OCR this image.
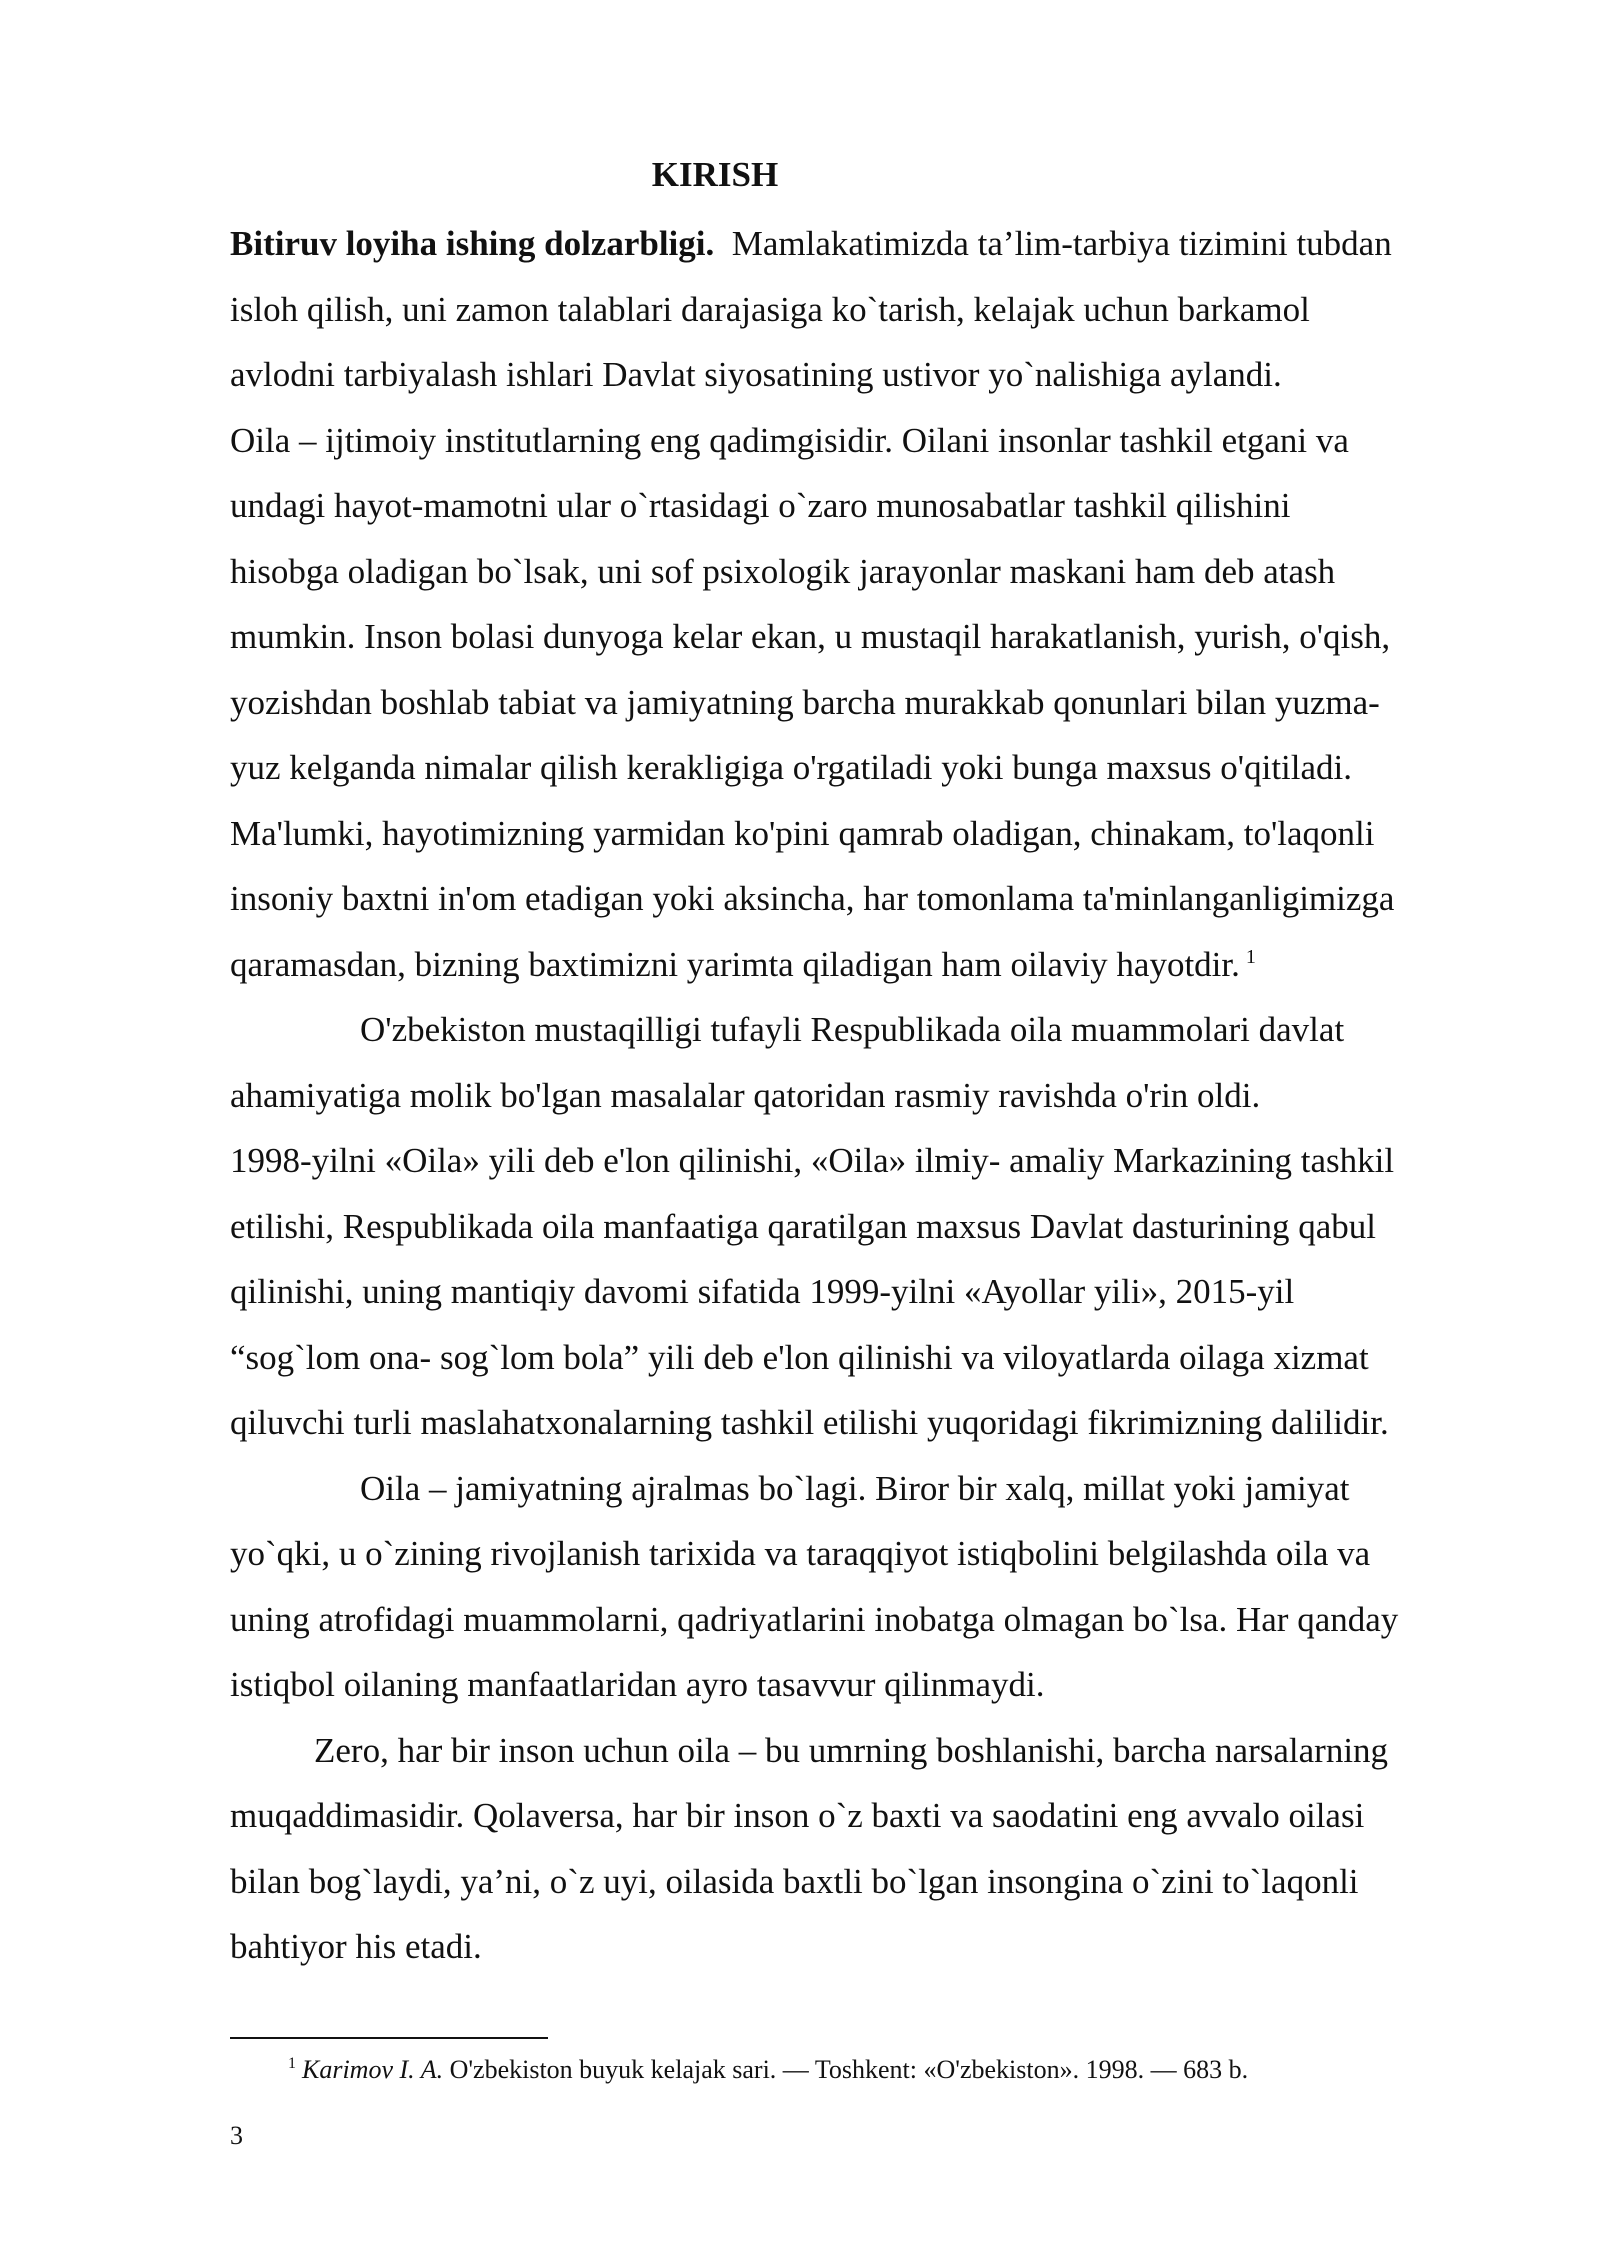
KIRISH

Bitiruv loyiha ishing dolzarbligi. Mamlakatimizda ta’lim-tarbiya tizimini tubdan

isloh qilish, uni zamon talablari darajasiga ko`tarish, kelajak uchun barkamol

avlodni tarbiyalash ishlari Davlat siyosatining ustivor yo`nalishiga aylandi.

Oila – ijtimoiy institutlarning eng qadimgisidir. Oilani insonlar tashkil etgani va

undagi hayot-mamotni ular o`rtasidagi o`zaro munosabatlar tashkil qilishini

hisobga oladigan bo`lsak, uni sof psixologik jarayonlar maskani ham deb atash

mumkin. Inson bolasi dunyoga kelar ekan, u mustaqil harakatlanish, yurish, o'qish,

yozishdan boshlab tabiat va jamiyatning barcha murakkab qonunlari bilan yuzma-

yuz kelganda nimalar qilish kerakligiga o'rgatiladi yoki bunga maxsus o'qitiladi.

Ma'lumki, hayotimizning yarmidan ko'pini qamrab oladigan, chinakam, to'laqonli

insoniy baxtni in'om etadigan yoki aksincha, har tomonlama ta'minlanganligimizga

qaramasdan, bizning baxtimizni yarimta qiladigan ham oilaviy hayotdir. $^1$

O'zbekiston mustaqilligi tufayli Respublikada oila muammolari davlat

ahamiyatiga molik bo'lgan masalalar qatoridan rasmiy ravishda o'rin oldi.

1998-yilni «Oila» yili deb e'lon qilinishi, «Oila» ilmiy- amaliy Markazining tashkil

etilishi, Respublikada oila manfaatiga qaratilgan maxsus Davlat dasturining qabul

qilinishi, uning mantiqiy davomi sifatida 1999-yilni «Ayollar yili», 2015-yil

“sog`lom ona- sog`lom bola” yili deb e'lon qilinishi va viloyatlarda oilaga xizmat

qiluvchi turli maslahatxonalarning tashkil etilishi yuqoridagi fikrimizning dalilidir.

Oila – jamiyatning ajralmas bo`lagi. Biror bir xalq, millat yoki jamiyat

yo`qki, u o`zining rivojlanish tarixida va taraqqiyot istiqbolini belgilashda oila va

uning atrofidagi muammolarni, qadriyatlarini inobatga olmagan bo`lsa. Har qanday

istiqbol oilaning manfaatlaridan ayro tasavvur qilinmaydi.

Zero, har bir inson uchun oila – bu umrning boshlanishi, barcha narsalarning

muqaddimasidir. Qolaversa, har bir inson o`z baxti va saodatini eng avvalo oilasi

bilan bog`laydi, ya’ni, o`z uyi, oilasida baxtli bo`lgan insongina o`zini to`laqonli

bahtiyor his etadi.

$^1$ Karimov I. A. O'zbekiston buyuk kelajak sari. — Toshkent: «O'zbekiston». 1998. — 683 b.
3
